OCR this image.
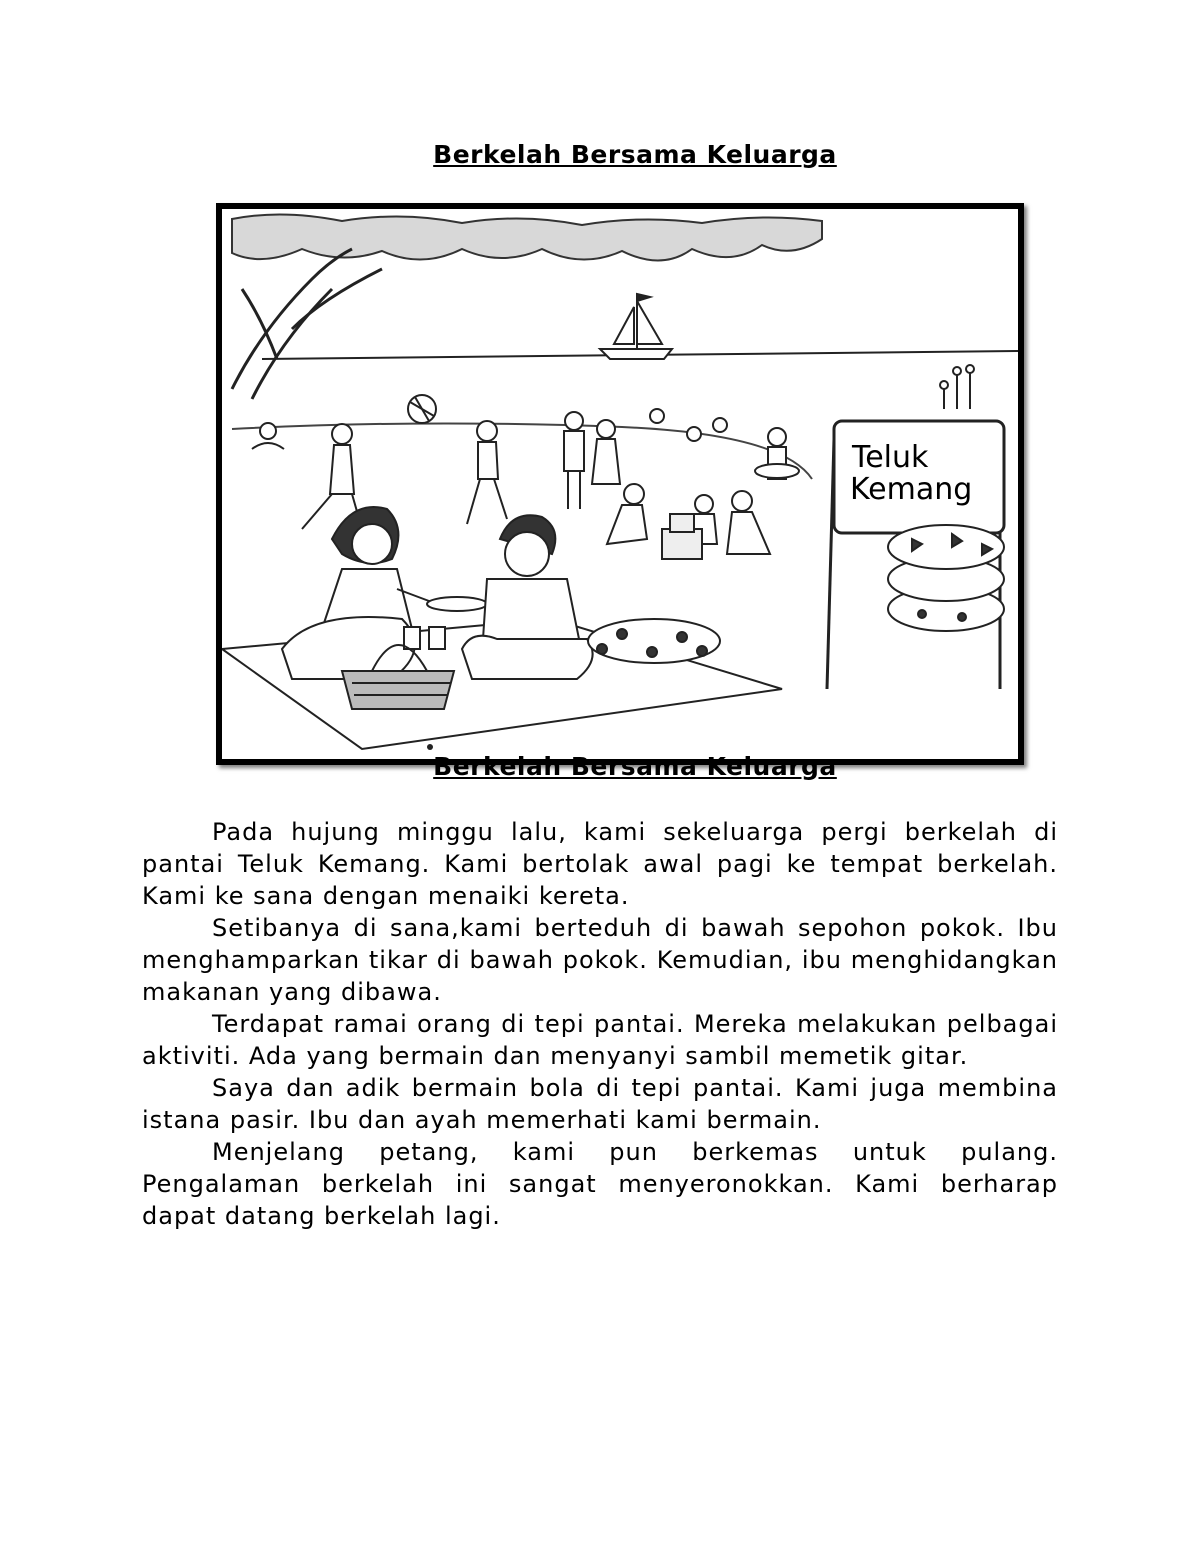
Berkelah Bersama Keluarga
Teluk
Kemang
Berkelah Bersama Keluarga

Pada hujung minggu lalu, kami sekeluarga pergi berkelah di pantai Teluk Kemang. Kami bertolak awal pagi ke tempat berkelah. Kami ke sana dengan menaiki kereta.

Setibanya di sana,kami berteduh di bawah sepohon pokok. Ibu menghamparkan tikar di bawah pokok. Kemudian, ibu menghidangkan makanan yang dibawa.

Terdapat ramai orang di tepi pantai. Mereka melakukan pelbagai aktiviti. Ada yang bermain dan menyanyi sambil memetik gitar.

Saya dan adik bermain bola di tepi pantai. Kami juga membina istana pasir. Ibu dan ayah memerhati kami bermain.

Menjelang petang, kami pun berkemas untuk pulang. Pengalaman berkelah ini sangat menyeronokkan. Kami berharap dapat datang berkelah lagi.
